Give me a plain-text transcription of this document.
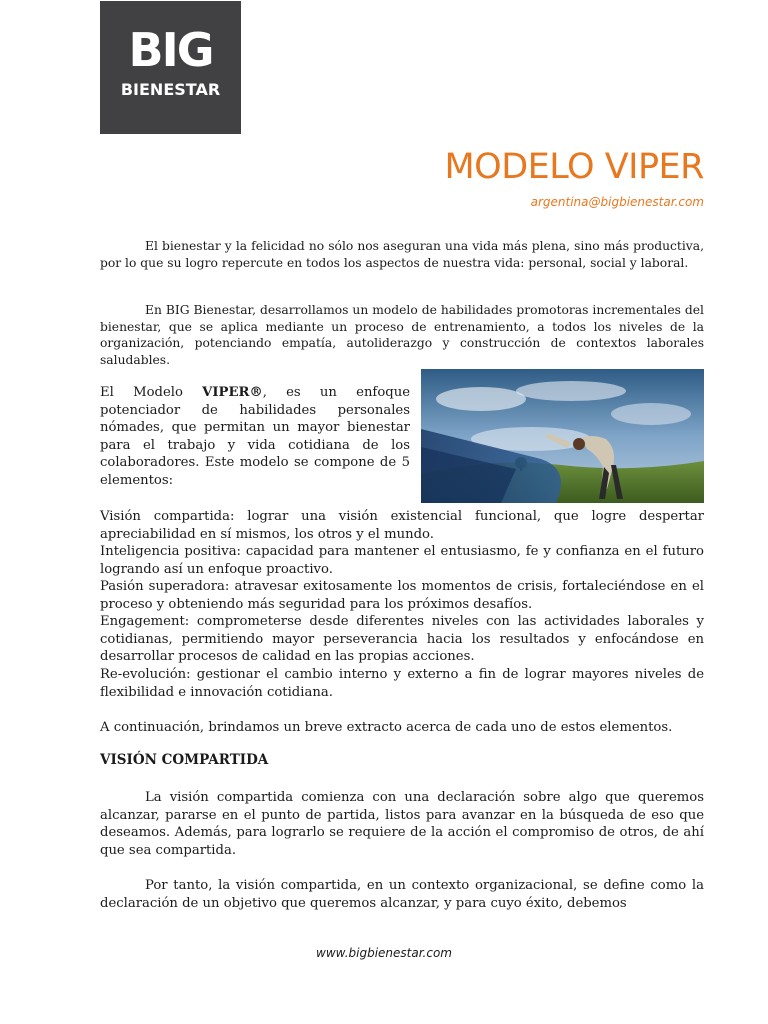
BIG
BIENESTAR
MODELO VIPER
argentina@bigbienestar.com

El bienestar y la felicidad no sólo nos aseguran una vida más plena, sino más productiva, por lo que su logro repercute en todos los aspectos de nuestra vida: personal, social y laboral.

En BIG Bienestar, desarrollamos un modelo de habilidades promotoras incrementales del bienestar, que se aplica mediante un proceso de entrenamiento, a todos los niveles de la organización, potenciando empatía, autoliderazgo y construcción de contextos laborales saludables.

El Modelo VIPER®, es un enfoque potenciador de habilidades personales nómades, que permitan un mayor bienestar para el trabajo y vida cotidiana de los colaboradores. Este modelo se compone de 5 elementos:

Visión compartida: lograr una visión existencial funcional, que logre despertar apreciabilidad en sí mismos, los otros y el mundo.

Inteligencia positiva: capacidad para mantener el entusiasmo, fe y confianza en el futuro logrando así un enfoque proactivo.

Pasión superadora: atravesar exitosamente los momentos de crisis, fortaleciéndose en el proceso y obteniendo más seguridad para los próximos desafíos.

Engagement: comprometerse desde diferentes niveles con las actividades laborales y cotidianas, permitiendo mayor perseverancia hacia los resultados y enfocándose en desarrollar procesos de calidad en las propias acciones.

Re-evolución: gestionar el cambio interno y externo a fin de lograr mayores niveles de flexibilidad e innovación cotidiana.

A continuación, brindamos un breve extracto acerca de cada uno de estos elementos.

VISIÓN COMPARTIDA

La visión compartida comienza con una declaración sobre algo que queremos alcanzar, pararse en el punto de partida, listos para avanzar en la búsqueda de eso que deseamos. Además, para lograrlo se requiere de la acción el compromiso de otros, de ahí que sea compartida.

Por tanto, la visión compartida, en un contexto organizacional, se define como la declaración de un objetivo que queremos alcanzar, y para cuyo éxito, debemos

www.bigbienestar.com
